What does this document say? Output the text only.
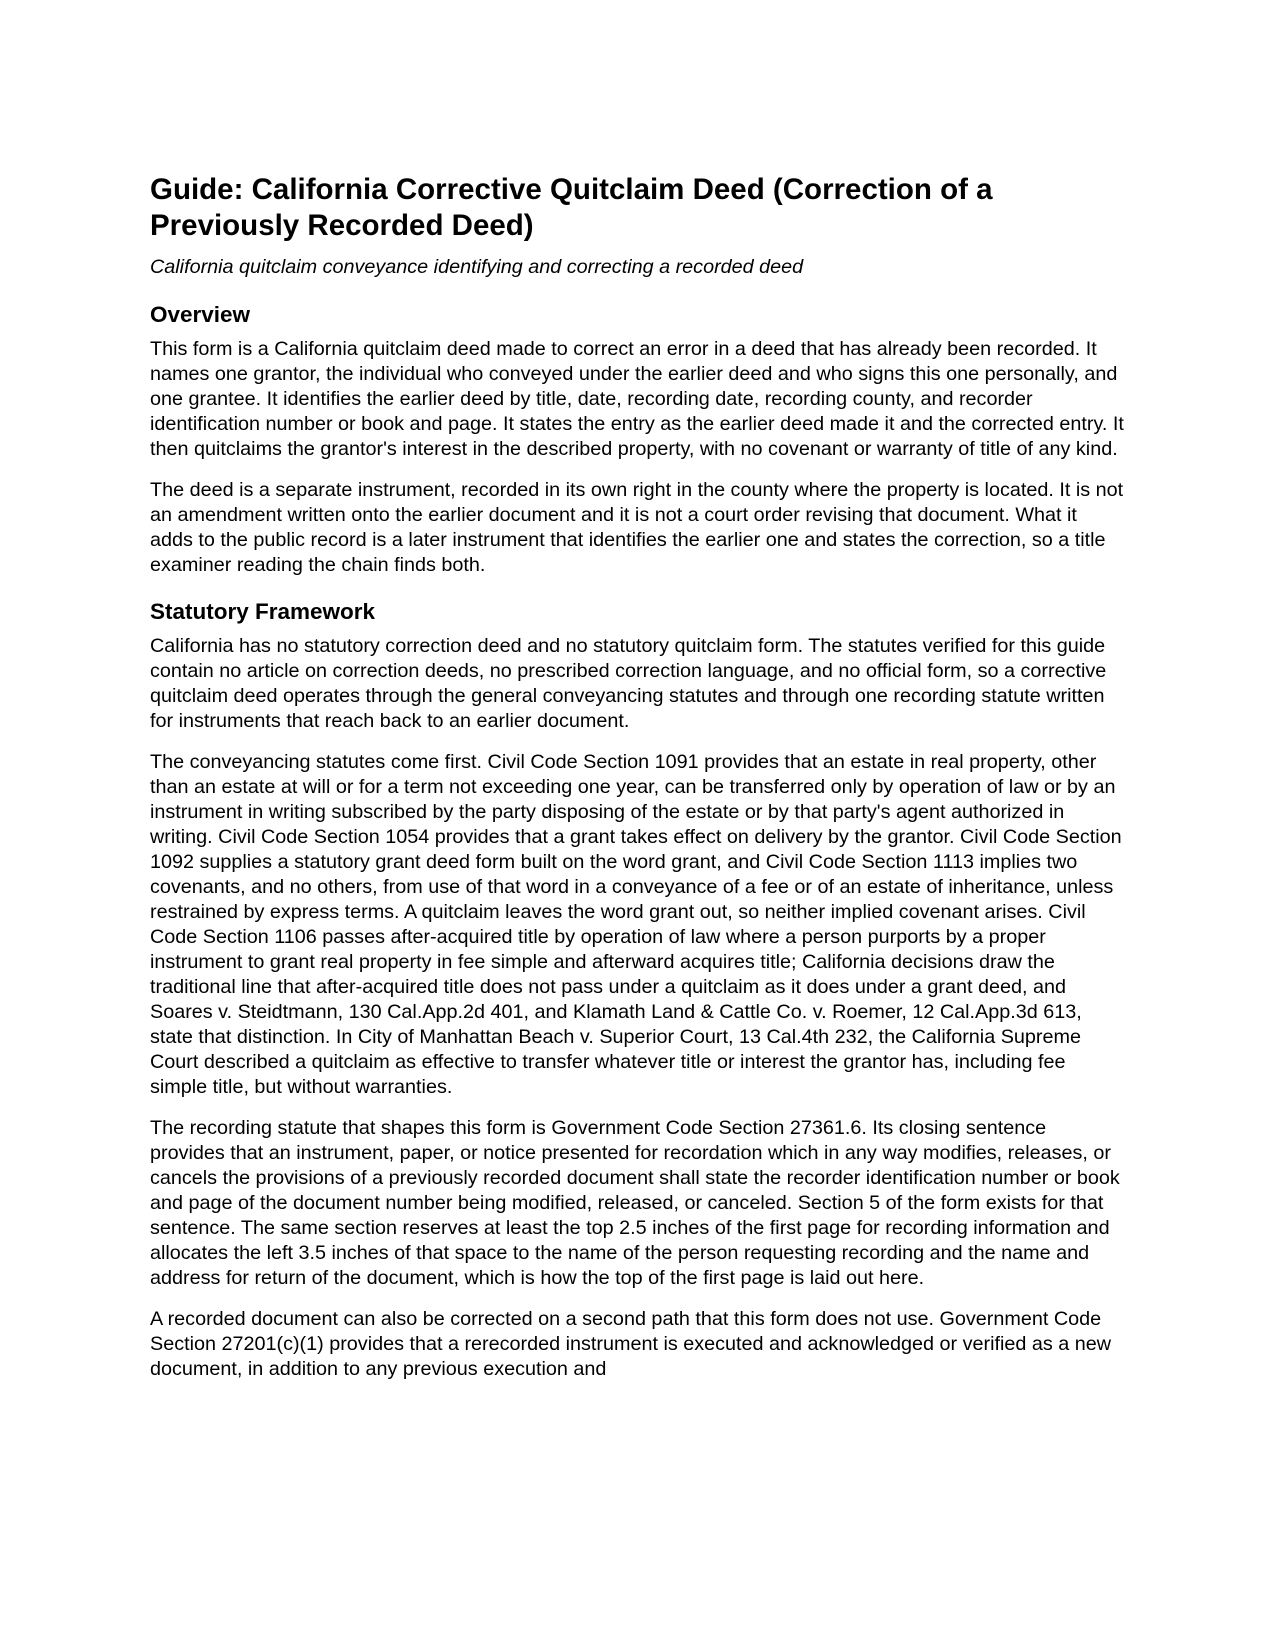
Guide: California Corrective Quitclaim Deed (Correction of a Previously Recorded Deed)
California quitclaim conveyance identifying and correcting a recorded deed
Overview

This form is a California quitclaim deed made to correct an error in a deed that has already been recorded. It names one grantor, the individual who conveyed under the earlier deed and who signs this one personally, and one grantee. It identifies the earlier deed by title, date, recording date, recording county, and recorder identification number or book and page. It states the entry as the earlier deed made it and the corrected entry. It then quitclaims the grantor's interest in the described property, with no covenant or warranty of title of any kind.

The deed is a separate instrument, recorded in its own right in the county where the property is located. It is not an amendment written onto the earlier document and it is not a court order revising that document. What it adds to the public record is a later instrument that identifies the earlier one and states the correction, so a title examiner reading the chain finds both.

Statutory Framework

California has no statutory correction deed and no statutory quitclaim form. The statutes verified for this guide contain no article on correction deeds, no prescribed correction language, and no official form, so a corrective quitclaim deed operates through the general conveyancing statutes and through one recording statute written for instruments that reach back to an earlier document.

The conveyancing statutes come first. Civil Code Section 1091 provides that an estate in real property, other than an estate at will or for a term not exceeding one year, can be transferred only by operation of law or by an instrument in writing subscribed by the party disposing of the estate or by that party's agent authorized in writing. Civil Code Section 1054 provides that a grant takes effect on delivery by the grantor. Civil Code Section 1092 supplies a statutory grant deed form built on the word grant, and Civil Code Section 1113 implies two covenants, and no others, from use of that word in a conveyance of a fee or of an estate of inheritance, unless restrained by express terms. A quitclaim leaves the word grant out, so neither implied covenant arises. Civil Code Section 1106 passes after-acquired title by operation of law where a person purports by a proper instrument to grant real property in fee simple and afterward acquires title; California decisions draw the traditional line that after-acquired title does not pass under a quitclaim as it does under a grant deed, and Soares v. Steidtmann, 130 Cal.App.2d 401, and Klamath Land & Cattle Co. v. Roemer, 12 Cal.App.3d 613, state that distinction. In City of Manhattan Beach v. Superior Court, 13 Cal.4th 232, the California Supreme Court described a quitclaim as effective to transfer whatever title or interest the grantor has, including fee simple title, but without warranties.

The recording statute that shapes this form is Government Code Section 27361.6. Its closing sentence provides that an instrument, paper, or notice presented for recordation which in any way modifies, releases, or cancels the provisions of a previously recorded document shall state the recorder identification number or book and page of the document number being modified, released, or canceled. Section 5 of the form exists for that sentence. The same section reserves at least the top 2.5 inches of the first page for recording information and allocates the left 3.5 inches of that space to the name of the person requesting recording and the name and address for return of the document, which is how the top of the first page is laid out here.

A recorded document can also be corrected on a second path that this form does not use. Government Code Section 27201(c)(1) provides that a rerecorded instrument is executed and acknowledged or verified as a new document, in addition to any previous execution and
